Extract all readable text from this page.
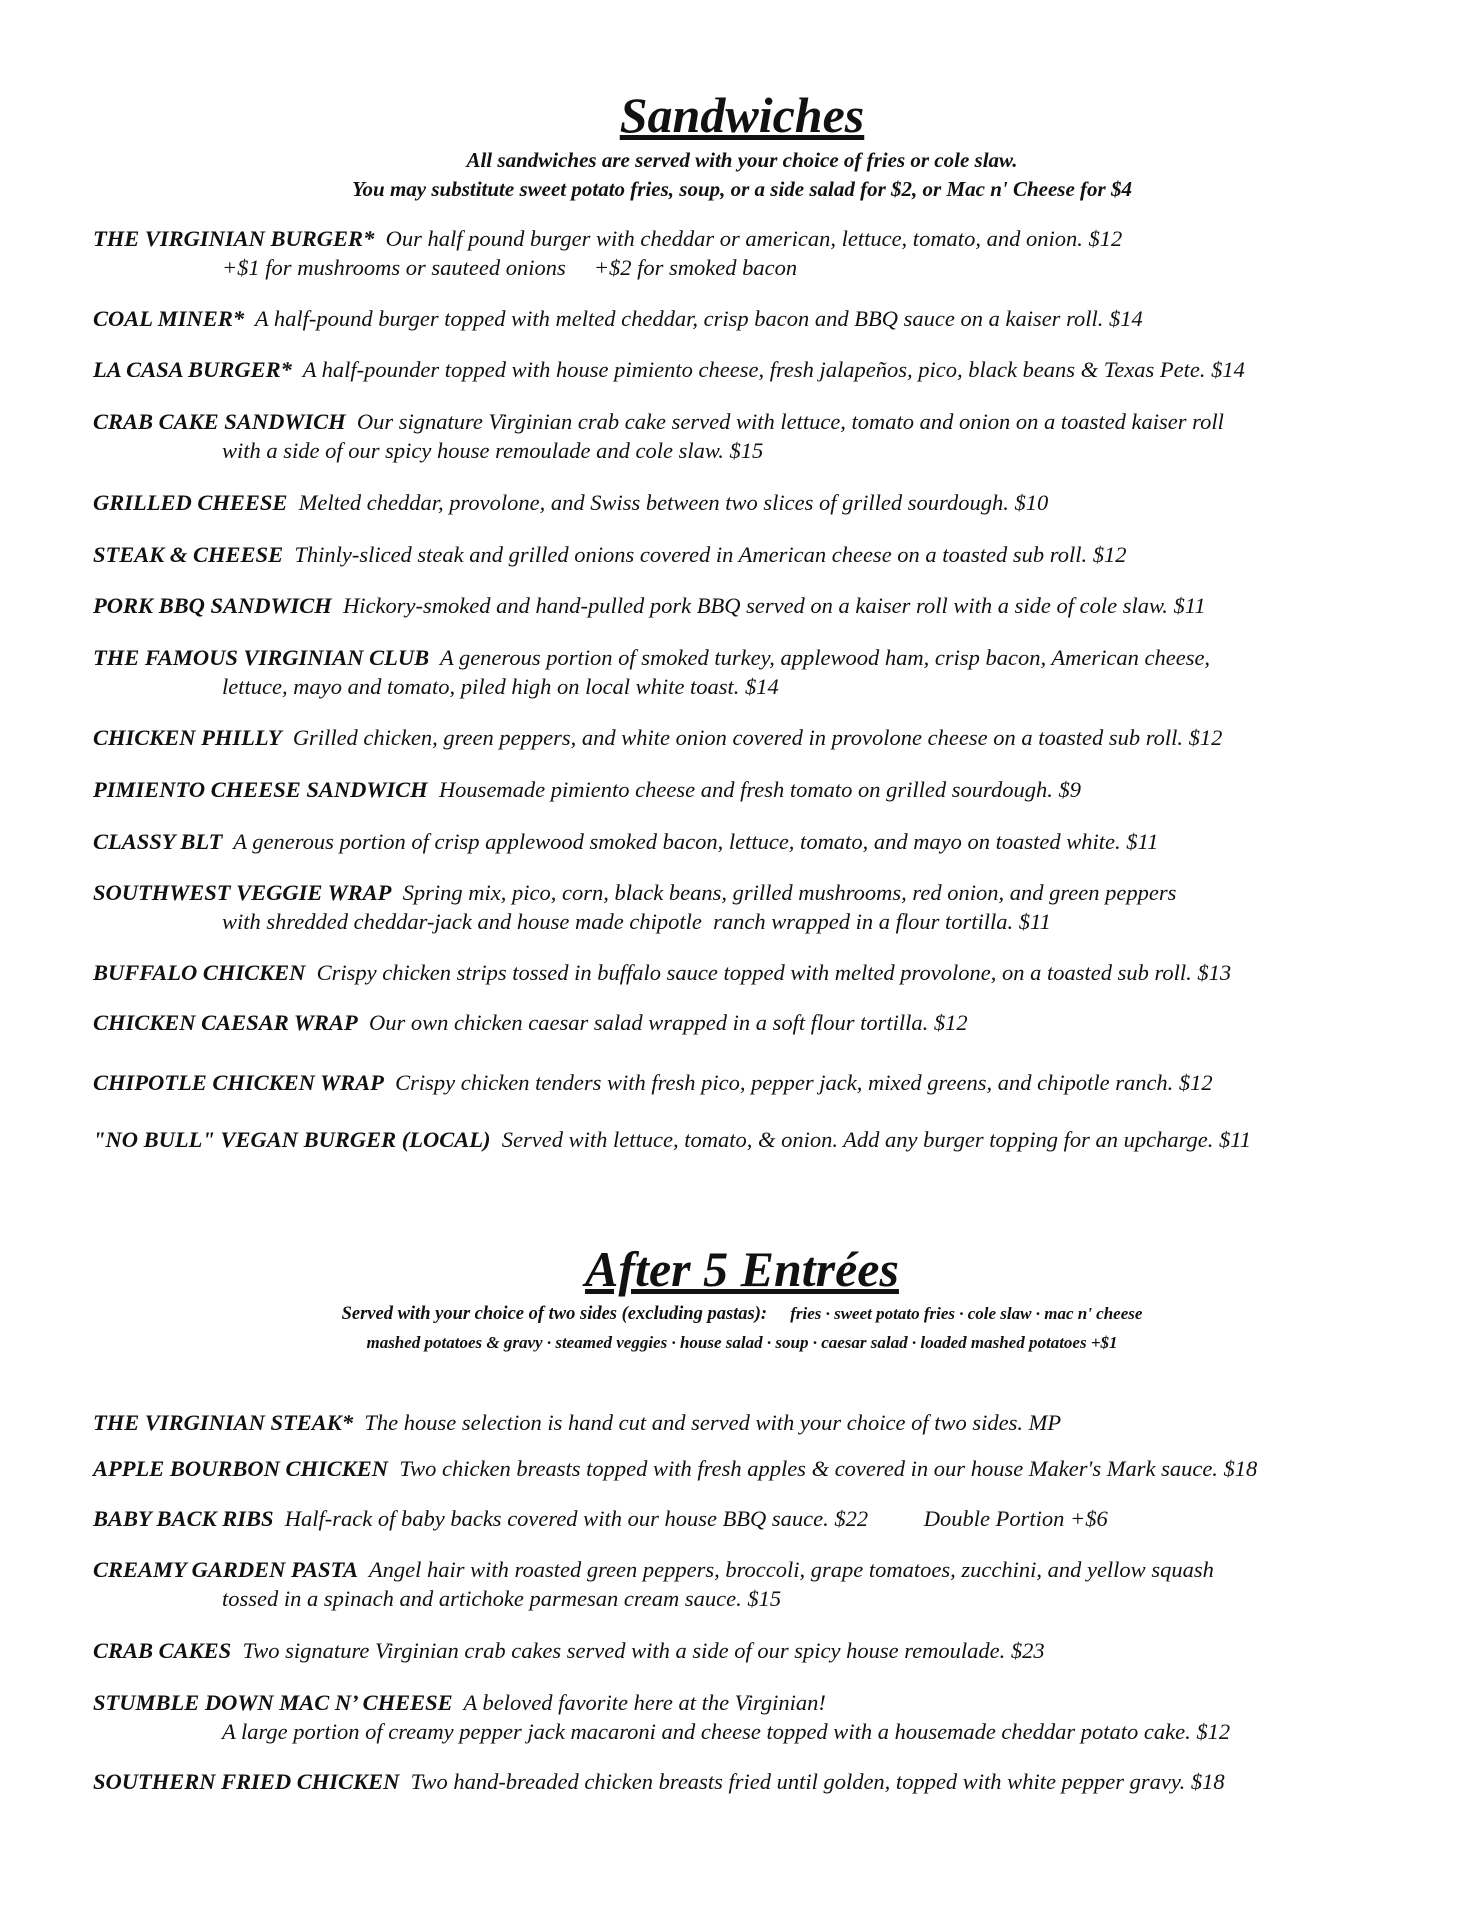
Sandwiches

All sandwiches are served with your choice of fries or cole slaw.

You may substitute sweet potato fries, soup, or a side salad for $2, or Mac n' Cheese for $4

THE VIRGINIAN BURGER* Our half pound burger with cheddar or american, lettuce, tomato, and onion. $12
+$1 for mushrooms or sauteed onions     +$2 for smoked bacon
COAL MINER* A half-pound burger topped with melted cheddar, crisp bacon and BBQ sauce on a kaiser roll. $14
LA CASA BURGER* A half-pounder topped with house pimiento cheese, fresh jalapeños, pico, black beans & Texas Pete. $14
CRAB CAKE SANDWICH Our signature Virginian crab cake served with lettuce, tomato and onion on a toasted kaiser roll
with a side of our spicy house remoulade and cole slaw. $15
GRILLED CHEESE Melted cheddar, provolone, and Swiss between two slices of grilled sourdough. $10
STEAK & CHEESE Thinly-sliced steak and grilled onions covered in American cheese on a toasted sub roll. $12
PORK BBQ SANDWICH Hickory-smoked and hand-pulled pork BBQ served on a kaiser roll with a side of cole slaw. $11
THE FAMOUS VIRGINIAN CLUB A generous portion of smoked turkey, applewood ham, crisp bacon, American cheese,
lettuce, mayo and tomato, piled high on local white toast. $14
CHICKEN PHILLY Grilled chicken, green peppers, and white onion covered in provolone cheese on a toasted sub roll. $12
PIMIENTO CHEESE SANDWICH Housemade pimiento cheese and fresh tomato on grilled sourdough. $9
CLASSY BLT A generous portion of crisp applewood smoked bacon, lettuce, tomato, and mayo on toasted white. $11
SOUTHWEST VEGGIE WRAP Spring mix, pico, corn, black beans, grilled mushrooms, red onion, and green peppers
with shredded cheddar-jack and house made chipotle  ranch wrapped in a flour tortilla. $11
BUFFALO CHICKEN Crispy chicken strips tossed in buffalo sauce topped with melted provolone, on a toasted sub roll. $13
CHICKEN CAESAR WRAP Our own chicken caesar salad wrapped in a soft flour tortilla. $12
CHIPOTLE CHICKEN WRAP Crispy chicken tenders with fresh pico, pepper jack, mixed greens, and chipotle ranch. $12
"NO BULL" VEGAN BURGER (LOCAL) Served with lettuce, tomato, & onion. Add any burger topping for an upcharge. $11
After 5 Entrées

Served with your choice of two sides (excluding pastas): fries · sweet potato fries · cole slaw · mac n' cheese

mashed potatoes & gravy · steamed veggies · house salad · soup · caesar salad · loaded mashed potatoes +$1

THE VIRGINIAN STEAK* The house selection is hand cut and served with your choice of two sides. MP
APPLE BOURBON CHICKEN Two chicken breasts topped with fresh apples & covered in our house Maker's Mark sauce. $18
BABY BACK RIBS Half-rack of baby backs covered with our house BBQ sauce. $22 Double Portion +$6
CREAMY GARDEN PASTA Angel hair with roasted green peppers, broccoli, grape tomatoes, zucchini, and yellow squash
tossed in a spinach and artichoke parmesan cream sauce. $15
CRAB CAKES Two signature Virginian crab cakes served with a side of our spicy house remoulade. $23
STUMBLE DOWN MAC N’ CHEESE A beloved favorite here at the Virginian!
A large portion of creamy pepper jack macaroni and cheese topped with a housemade cheddar potato cake. $12
SOUTHERN FRIED CHICKEN Two hand-breaded chicken breasts fried until golden, topped with white pepper gravy. $18
